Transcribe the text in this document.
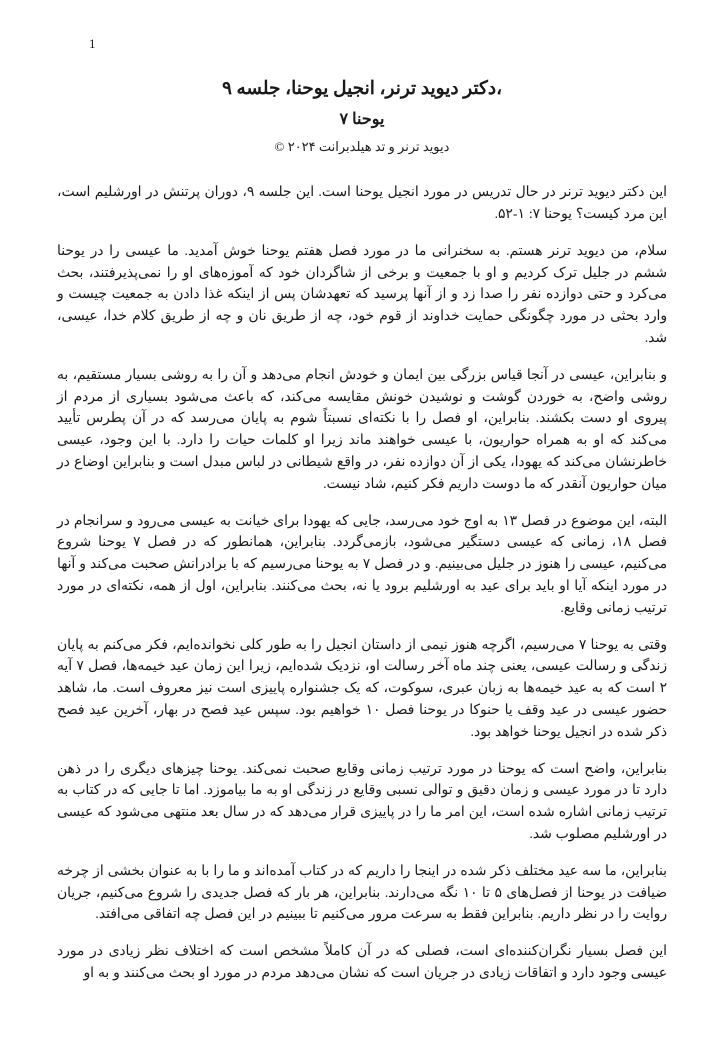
1
،دکتر دیوید ترنر، انجیل یوحنا، جلسه ۹
یوحنا ۷
دیوید ترنر و تد هیلدبرانت ۲۰۲۴ ©

این دکتر دیوید ترنر در حال تدریس در مورد انجیل یوحنا است. این جلسه ۹، دوران پرتنش در اورشلیم است، این مرد کیست؟ یوحنا ۷: ۱-۵۲.

سلام، من دیوید ترنر هستم. به سخنرانی ما در مورد فصل هفتم یوحنا خوش آمدید. ما عیسی را در یوحنا ششم در جلیل ترک کردیم و او با جمعیت و برخی از شاگردان خود که آموزه‌های او را نمی‌پذیرفتند، بحث می‌کرد و حتی دوازده نفر را صدا زد و از آنها پرسید که تعهدشان پس از اینکه غذا دادن به جمعیت چیست و وارد بحثی در مورد چگونگی حمایت خداوند از قوم خود، چه از طریق نان و چه از طریق کلام خدا، عیسی، شد.

و بنابراین، عیسی در آنجا قیاس بزرگی بین ایمان و خودش انجام می‌دهد و آن را به روشی بسیار مستقیم، به روشی واضح، به خوردن گوشت و نوشیدن خونش مقایسه می‌کند، که باعث می‌شود بسیاری از مردم از پیروی او دست بکشند. بنابراین، او فصل را با نکته‌ای نسبتاً شوم به پایان می‌رسد که در آن پطرس تأیید می‌کند که او به همراه حواریون، با عیسی خواهند ماند زیرا او کلمات حیات را دارد. با این وجود، عیسی خاطرنشان می‌کند که یهودا، یکی از آن دوازده نفر، در واقع شیطانی در لباس مبدل است و بنابراین اوضاع در میان حواریون آنقدر که ما دوست داریم فکر کنیم، شاد نیست.

البته، این موضوع در فصل ۱۳ به اوج خود می‌رسد، جایی که یهودا برای خیانت به عیسی می‌رود و سرانجام در فصل ۱۸، زمانی که عیسی دستگیر می‌شود، بازمی‌گردد. بنابراین، همانطور که در فصل ۷ یوحنا شروع می‌کنیم، عیسی را هنوز در جلیل می‌بینیم. و در فصل ۷ به یوحنا می‌رسیم که با برادرانش صحبت می‌کند و آنها در مورد اینکه آیا او باید برای عید به اورشلیم برود یا نه، بحث می‌کنند. بنابراین، اول از همه، نکته‌ای در مورد ترتیب زمانی وقایع.

وقتی به یوحنا ۷ می‌رسیم، اگرچه هنوز نیمی از داستان انجیل را به طور کلی نخوانده‌ایم، فکر می‌کنم به پایان زندگی و رسالت عیسی، یعنی چند ماه آخر رسالت او، نزدیک شده‌ایم، زیرا این زمان عید خیمه‌ها، فصل ۷ آیه ۲ است که به عید خیمه‌ها به زبان عبری، سوکوت، که یک جشنواره پاییزی است نیز معروف است. ما، شاهد حضور عیسی در عید وقف یا حنوکا در یوحنا فصل ۱۰ خواهیم بود. سپس عید فصح در بهار، آخرین عید فصح ذکر شده در انجیل یوحنا خواهد بود.

بنابراین، واضح است که یوحنا در مورد ترتیب زمانی وقایع صحبت نمی‌کند. یوحنا چیزهای دیگری را در ذهن دارد تا در مورد عیسی و زمان دقیق و توالی نسبی وقایع در زندگی او به ما بیاموزد. اما تا جایی که در کتاب به ترتیب زمانی اشاره شده است، این امر ما را در پاییزی قرار می‌دهد که در سال بعد منتهی می‌شود که عیسی در اورشلیم مصلوب شد.

بنابراین، ما سه عید مختلف ذکر شده در اینجا را داریم که در کتاب آمده‌اند و ما را با به عنوان بخشی از چرخه ضیافت در یوحنا از فصل‌های ۵ تا ۱۰ نگه می‌دارند. بنابراین، هر بار که فصل جدیدی را شروع می‌کنیم، جریان روایت را در نظر داریم. بنابراین فقط به سرعت مرور می‌کنیم تا ببینیم در این فصل چه اتفاقی می‌افتد.

این فصل بسیار نگران‌کننده‌ای است، فصلی که در آن کاملاً مشخص است که اختلاف نظر زیادی در مورد عیسی وجود دارد و اتفاقات زیادی در جریان است که نشان می‌دهد مردم در مورد او بحث می‌کنند و به او
